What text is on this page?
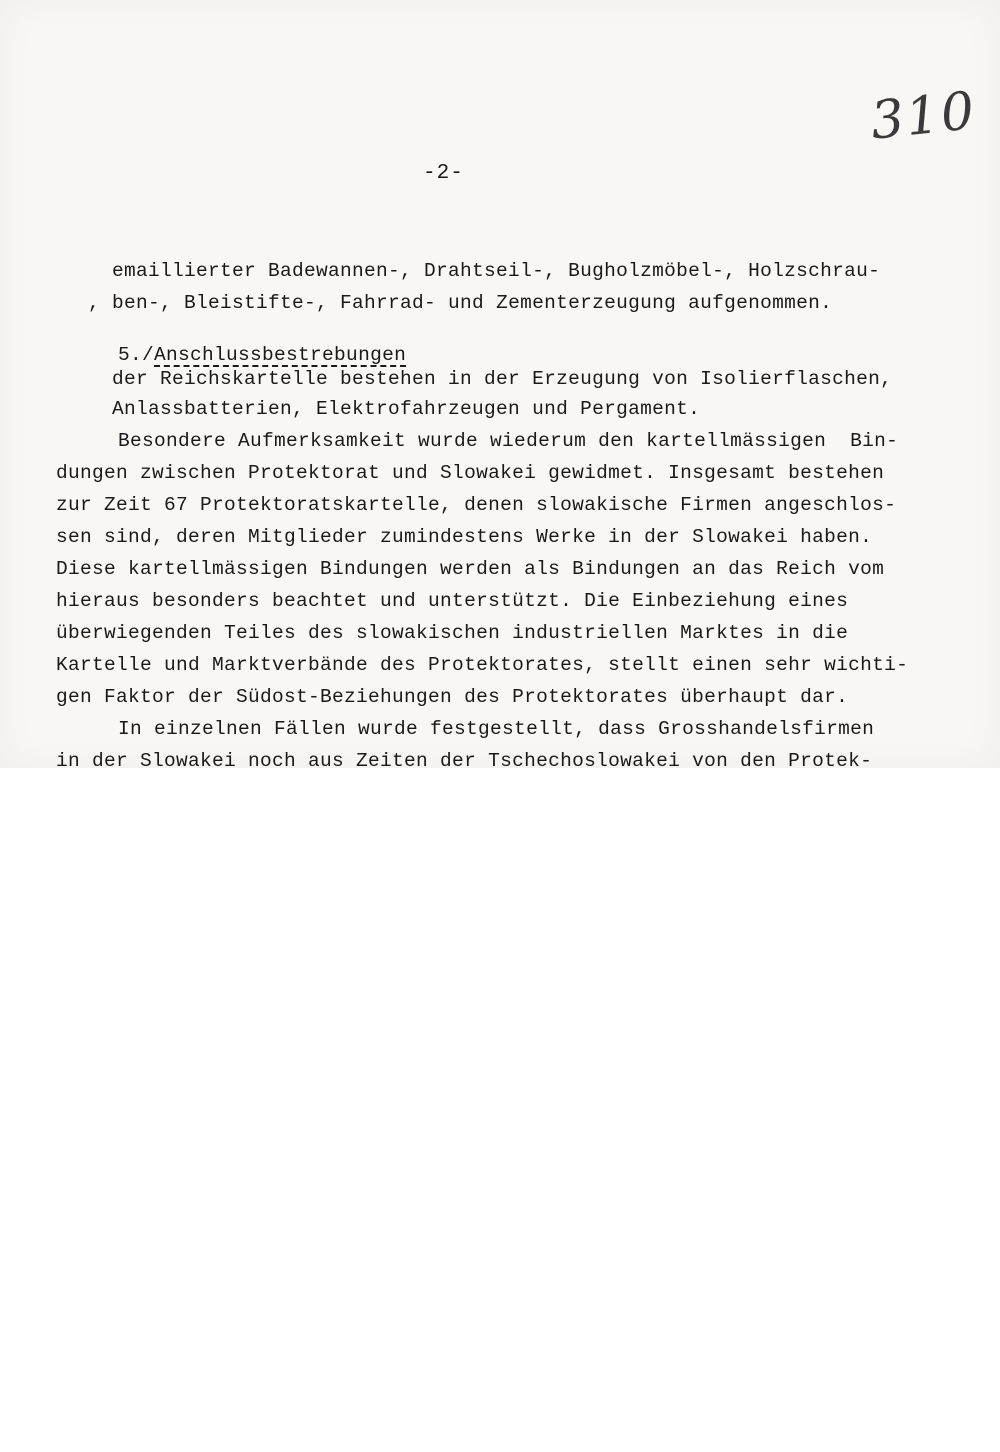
310
-2-
emaillierter Badewannen-, Drahtseil-, Bugholzmöbel-, Holzschrau-
, ben-, Bleistifte-, Fahrrad- und Zementerzeugung aufgenommen.

5./Anschlussbestrebungen

der Reichskartelle bestehen in der Erzeugung von Isolierflaschen,
Anlassbatterien, Elektrofahrzeugen und Pergament.
Besondere Aufmerksamkeit wurde wiederum den kartellmässigen  Bin-
dungen zwischen Protektorat und Slowakei gewidmet. Insgesamt bestehen
zur Zeit 67 Protektoratskartelle, denen slowakische Firmen angeschlos-
sen sind, deren Mitglieder zumindestens Werke in der Slowakei haben.
Diese kartellmässigen Bindungen werden als Bindungen an das Reich vom
hieraus besonders beachtet und unterstützt. Die Einbeziehung eines
überwiegenden Teiles des slowakischen industriellen Marktes in die
Kartelle und Marktverbände des Protektorates, stellt einen sehr wichti-
gen Faktor der Südost-Beziehungen des Protektorates überhaupt dar.
In einzelnen Fällen wurde festgestellt, dass Grosshandelsfirmen
in der Slowakei noch aus Zeiten der Tschechoslowakei von den Protek-
